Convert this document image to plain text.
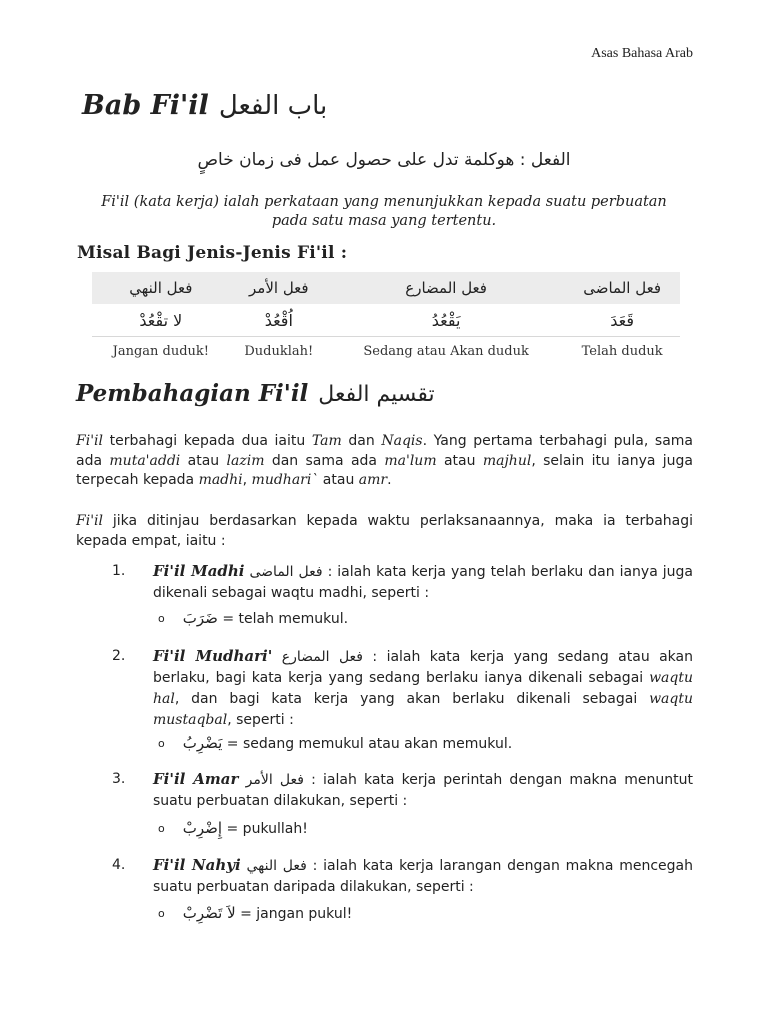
Asas Bahasa Arab
Bab Fi'il باب الفعل
الفعل : هوكلمة تدل على حصول عمل فى زمان خاصٍ
Fi'il (kata kerja) ialah perkataan yang menunjukkan kepada suatu perbuatan
pada satu masa yang tertentu.
Misal Bagi Jenis-Jenis Fi'il :
فعل النهي	فعل الأمر	فعل المضارع	فعل الماضى
لا تقْعُدْ	اُقْعُدْ	يَقْعُدُ	قَعَدَ
Jangan duduk!	Duduklah!	Sedang atau Akan duduk	Telah duduk
Pembahagian Fi'il تقسيم الفعل
Fi'il terbahagi kepada dua iaitu Tam dan Naqis. Yang pertama terbahagi pula, sama ada muta'addi atau lazim dan sama ada ma'lum atau majhul, selain itu ianya juga terpecah kepada madhi, mudhari` atau amr.
Fi'il jika ditinjau berdasarkan kepada waktu perlaksanaannya, maka ia terbahagi kepada empat, iaitu :
1.	Fi'il Madhi فعل الماضى : ialah kata kerja yang telah berlaku dan ianya juga dikenali sebagai waqtu madhi, seperti :
o ضَرَبَ = telah memukul.
2.	Fi'il Mudhari' فعل المضارع : ialah kata kerja yang sedang atau akan berlaku, bagi kata kerja yang sedang berlaku ianya dikenali sebagai waqtu hal, dan bagi kata kerja yang akan berlaku dikenali sebagai waqtu mustaqbal, seperti :
o يَضْرِبُ = sedang memukul atau akan memukul.
3.	Fi'il Amar فعل الأمر : ialah kata kerja perintah dengan makna menuntut suatu perbuatan dilakukan, seperti :
o إِضْرِبْ = pukullah!
4.	Fi'il Nahyi فعل النهي : ialah kata kerja larangan dengan makna mencegah suatu perbuatan daripada dilakukan, seperti :
o لاَ تَضْرِبْ = jangan pukul!
